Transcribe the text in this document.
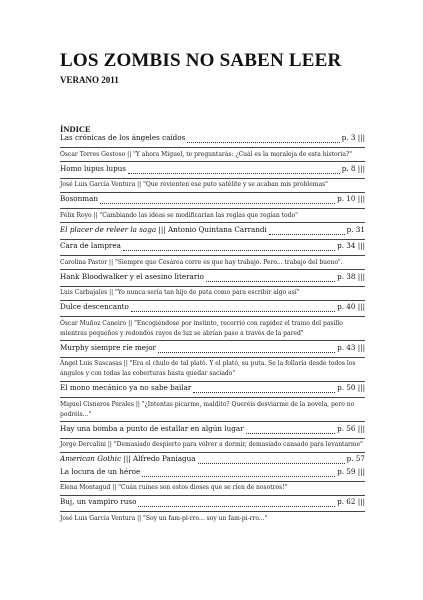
LOS ZOMBIS NO SABEN LEER
VERANO 2011
ÍNDICE
Las crónicas de los ángeles caídos	p. 3 |||

Óscar Torres Gestoso || "Y ahora Miguel, te preguntarás: ¿Cuál es la moraleja de esta historia?"

Homo lupus lupus	p. 8 |||

José Luis García Ventura || "Que revienten ese puto satélite y se acaban mis problemas"

Bosonman	p. 10 |||

Félix Royo || "Cambiando las ideas se modificarían las reglas que regían todo"

El placer de releer la saga ||| Antonio Quintana Carrandi	p. 31
Cara de lamprea	p. 34 |||

Carolina Pastor || "Siempre que Cesárea corre es que hay trabajo. Pero... trabajo del bueno".

Hank Bloodwalker y el asesino literario	p. 38 |||

Luis Carbajales || "Yo nunca sería tan hijo de puta como para escribir algo así"

Dulce descencanto	p. 40 |||

Óscar Muñoz Caneiro || "Encogiéndose por instinto, recorrió con rapidez el tramo del pasillo mientras pequeños y redondos rayos de luz se abrían paso a través de la pared"

Murphy siempre ríe mejor	p. 43 |||

Ángel Luis Suscasas || "Era el chulo de tal plató. Y el plató, su puta. Se la follaría desde todos los ángulos y con todas las coberturas hasta quedar saciado"

El mono mecánico ya no sabe bailar	p. 50 |||

Miguel Cisneros Perales || "¿Intentas picarme, maldito? Queréis desviarme de la novela, pero no podréis..."

Hay una bomba a punto de estallar en algún lugar	p. 56 |||

Jorge Dercalini || "Demasiado despierto para volver a dormir, demasiado cansado para levantarme"

American Gothic ||| Alfredo Paniagua	p. 57
La locura de un héroe	p. 59 |||

Elena Montagud || "Cuán ruines son estos dioses que se ríen de nosotros!"

Buj, un vampiro ruso	p. 62 |||

José Luis García Ventura || "Soy un fam-pi-rro... soy un fam-pi-rro..."
